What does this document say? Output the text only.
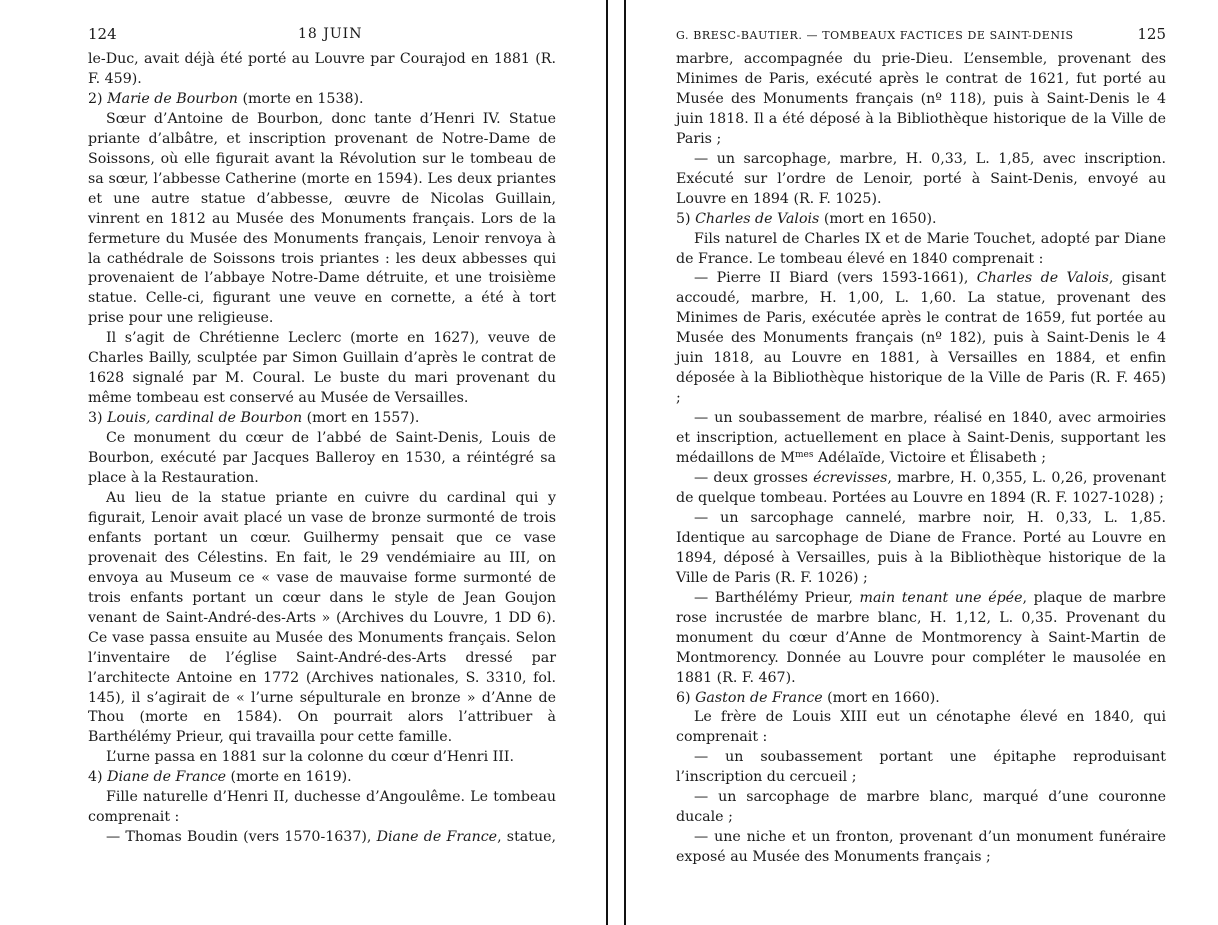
124	18 JUIN

le-Duc, avait déjà été porté au Louvre par Courajod en 1881 (R. F. 459).

2) Marie de Bourbon (morte en 1538).

Sœur d’Antoine de Bourbon, donc tante d’Henri IV. Statue priante d’albâtre, et inscription provenant de Notre-Dame de Soissons, où elle figurait avant la Révolution sur le tombeau de sa sœur, l’abbesse Catherine (morte en 1594). Les deux priantes et une autre statue d’abbesse, œuvre de Nicolas Guillain, vinrent en 1812 au Musée des Monuments français. Lors de la fermeture du Musée des Monuments français, Lenoir renvoya à la cathédrale de Soissons trois priantes : les deux abbesses qui provenaient de l’abbaye Notre-Dame détruite, et une troisième statue. Celle-ci, figurant une veuve en cornette, a été à tort prise pour une religieuse.

Il s’agit de Chrétienne Leclerc (morte en 1627), veuve de Charles Bailly, sculptée par Simon Guillain d’après le contrat de 1628 signalé par M. Coural. Le buste du mari provenant du même tombeau est conservé au Musée de Versailles.

3) Louis, cardinal de Bourbon (mort en 1557).

Ce monument du cœur de l’abbé de Saint-Denis, Louis de Bourbon, exécuté par Jacques Balleroy en 1530, a réintégré sa place à la Restauration.

Au lieu de la statue priante en cuivre du cardinal qui y figurait, Lenoir avait placé un vase de bronze surmonté de trois enfants portant un cœur. Guilhermy pensait que ce vase provenait des Célestins. En fait, le 29 vendémiaire au III, on envoya au Museum ce « vase de mauvaise forme surmonté de trois enfants portant un cœur dans le style de Jean Goujon venant de Saint-André-des-Arts » (Archives du Louvre, 1 DD 6). Ce vase passa ensuite au Musée des Monuments français. Selon l’inventaire de l’église Saint-André-des-Arts dressé par l’architecte Antoine en 1772 (Archives nationales, S. 3310, fol. 145), il s’agirait de « l’urne sépulturale en bronze » d’Anne de Thou (morte en 1584). On pourrait alors l’attribuer à Barthélémy Prieur, qui travailla pour cette famille.

L’urne passa en 1881 sur la colonne du cœur d’Henri III.

4) Diane de France (morte en 1619).

Fille naturelle d’Henri II, duchesse d’Angoulême. Le tombeau comprenait :

— Thomas Boudin (vers 1570-1637), Diane de France, statue,

G. BRESC-BAUTIER. — TOMBEAUX FACTICES DE SAINT-DENIS	125

marbre, accompagnée du prie-Dieu. L’ensemble, provenant des Minimes de Paris, exécuté après le contrat de 1621, fut porté au Musée des Monuments français (nº 118), puis à Saint-Denis le 4 juin 1818. Il a été déposé à la Bibliothèque historique de la Ville de Paris ;

— un sarcophage, marbre, H. 0,33, L. 1,85, avec inscription. Exécuté sur l’ordre de Lenoir, porté à Saint-Denis, envoyé au Louvre en 1894 (R. F. 1025).

5) Charles de Valois (mort en 1650).

Fils naturel de Charles IX et de Marie Touchet, adopté par Diane de France. Le tombeau élevé en 1840 comprenait :

— Pierre II Biard (vers 1593-1661), Charles de Valois, gisant accoudé, marbre, H. 1,00, L. 1,60. La statue, provenant des Minimes de Paris, exécutée après le contrat de 1659, fut portée au Musée des Monuments français (nº 182), puis à Saint-Denis le 4 juin 1818, au Louvre en 1881, à Versailles en 1884, et enfin déposée à la Bibliothèque historique de la Ville de Paris (R. F. 465) ;

— un soubassement de marbre, réalisé en 1840, avec armoiries et inscription, actuellement en place à Saint-Denis, supportant les médaillons de $M^{mes}$ Adélaïde, Victoire et Élisabeth ;

— deux grosses écrevisses, marbre, H. 0,355, L. 0,26, provenant de quelque tombeau. Portées au Louvre en 1894 (R. F. 1027-1028) ;

— un sarcophage cannelé, marbre noir, H. 0,33, L. 1,85. Identique au sarcophage de Diane de France. Porté au Louvre en 1894, déposé à Versailles, puis à la Bibliothèque historique de la Ville de Paris (R. F. 1026) ;

— Barthélémy Prieur, main tenant une épée, plaque de marbre rose incrustée de marbre blanc, H. 1,12, L. 0,35. Provenant du monument du cœur d’Anne de Montmorency à Saint-Martin de Montmorency. Donnée au Louvre pour compléter le mausolée en 1881 (R. F. 467).

6) Gaston de France (mort en 1660).

Le frère de Louis XIII eut un cénotaphe élevé en 1840, qui comprenait :

— un soubassement portant une épitaphe reproduisant l’inscription du cercueil ;

— un sarcophage de marbre blanc, marqué d’une couronne ducale ;

— une niche et un fronton, provenant d’un monument funéraire exposé au Musée des Monuments français ;
